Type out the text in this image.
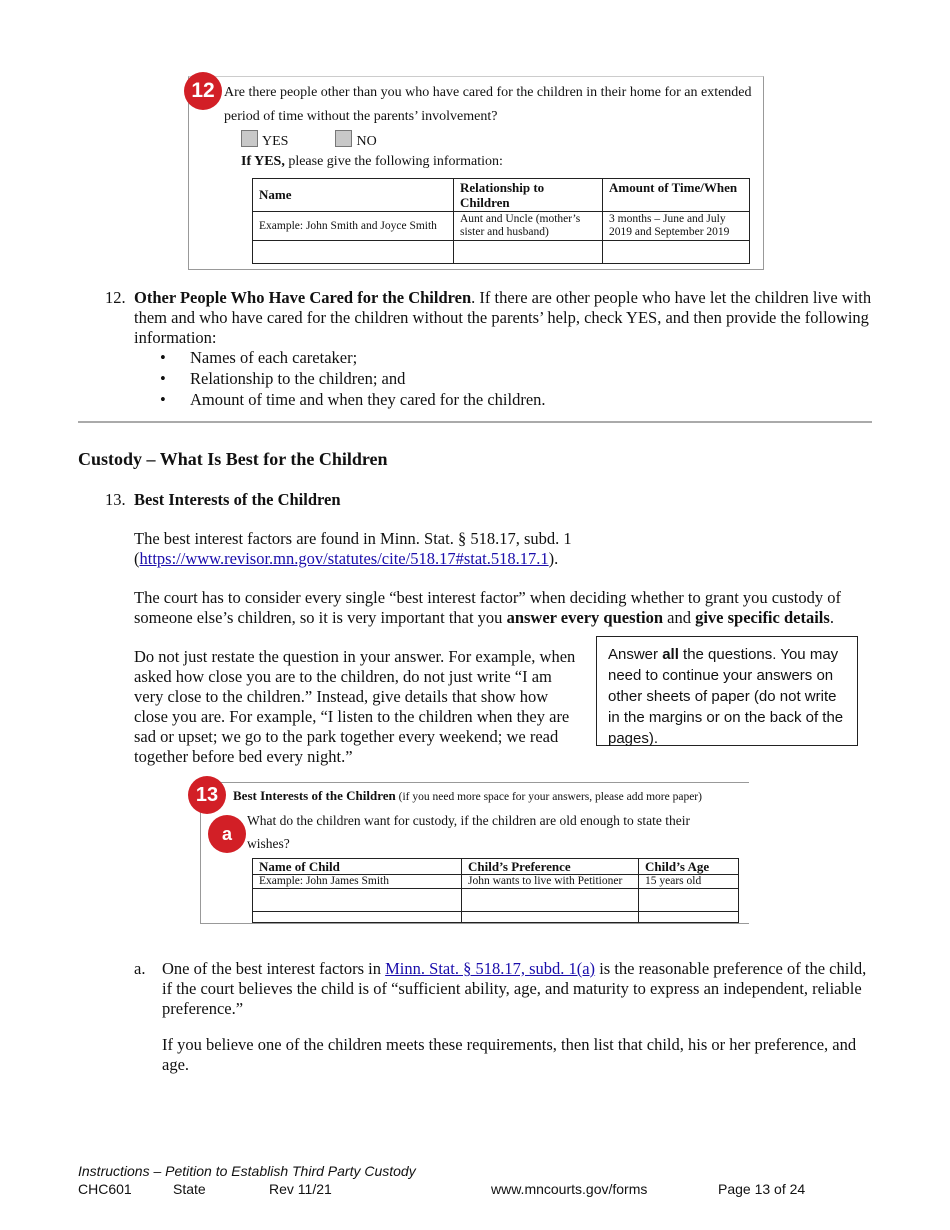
12 Are there people other than you who have cared for the children in their home for an extended
period of time without the parents’ involvement?
YES	NO
If YES, please give the following information:
Name	Relationship to Children	Amount of Time/When
Example: John Smith and Joyce Smith	Aunt and Uncle (mother’s sister and husband)	3 months – June and July 2019 and September 2019

12. Other People Who Have Cared for the Children. If there are other people who have let the children live with them and who have cared for the children without the parents’ help, check YES, and then provide the following information:
• Names of each caretaker;
• Relationship to the children; and
• Amount of time and when they cared for the children.
Custody – What Is Best for the Children
13. Best Interests of the Children
The best interest factors are found in Minn. Stat. § 518.17, subd. 1
(https://www.revisor.mn.gov/statutes/cite/518.17#stat.518.17.1).
The court has to consider every single “best interest factor” when deciding whether to grant you custody of someone else’s children, so it is very important that you answer every question and give specific details.
Do not just restate the question in your answer. For example, when asked how close you are to the children, do not just write “I am very close to the children.” Instead, give details that show how close you are. For example, “I listen to the children when they are sad or upset; we go to the park together every weekend; we read together before bed every night.”
Answer all the questions. You may need to continue your answers on other sheets of paper (do not write in the margins or on the back of the pages).
13
a
Best Interests of the Children (if you need more space for your answers, please add more paper)
What do the children want for custody, if the children are old enough to state their
wishes?
Name of Child	Child’s Preference	Child’s Age
Example: John James Smith	John wants to live with Petitioner	15 years old

a. One of the best interest factors in Minn. Stat. § 518.17, subd. 1(a) is the reasonable preference of the child, if the court believes the child is of “sufficient ability, age, and maturity to express an independent, reliable preference.”
If you believe one of the children meets these requirements, then list that child, his or her preference, and age.
Instructions – Petition to Establish Third Party Custody
CHC601	State	Rev 11/21	www.mncourts.gov/forms	Page 13 of 24
